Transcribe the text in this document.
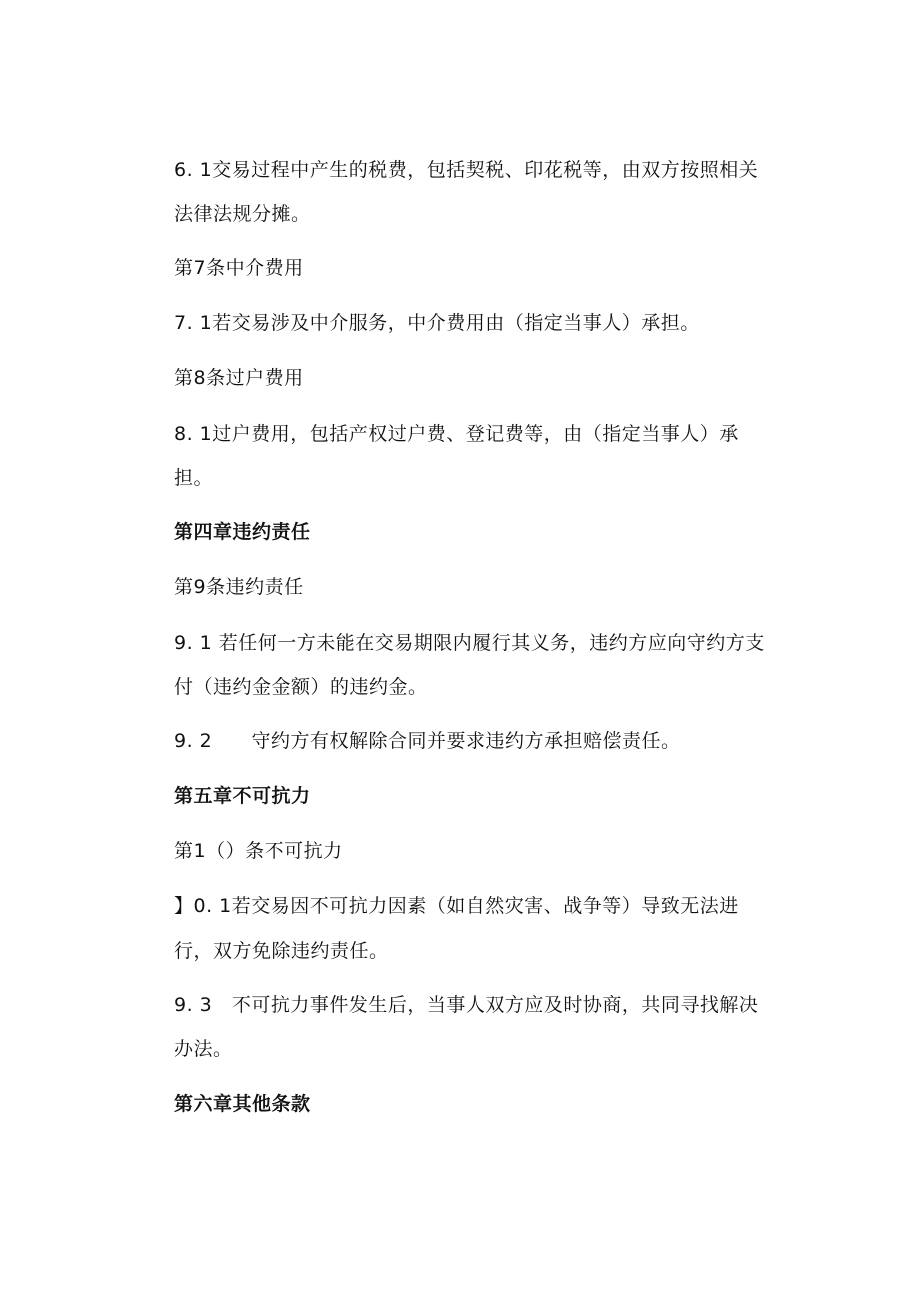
6. 1交易过程中产生的税费，包括契税、印花税等，由双方按照相关
法律法规分摊。
第7条中介费用
7. 1若交易涉及中介服务，中介费用由（指定当事人）承担。
第8条过户费用
8. 1过户费用，包括产权过户费、登记费等，由（指定当事人）承
担。
第四章违约责任
第9条违约责任
9. 1 若任何一方未能在交易期限内履行其义务，违约方应向守约方支
付（违约金金额）的违约金。
9. 2      守约方有权解除合同并要求违约方承担赔偿责任。
第五章不可抗力
第1（）条不可抗力
】0. 1若交易因不可抗力因素（如自然灾害、战争等）导致无法进
行，双方免除违约责任。
9. 3   不可抗力事件发生后，当事人双方应及时协商，共同寻找解决
办法。
第六章其他条款
